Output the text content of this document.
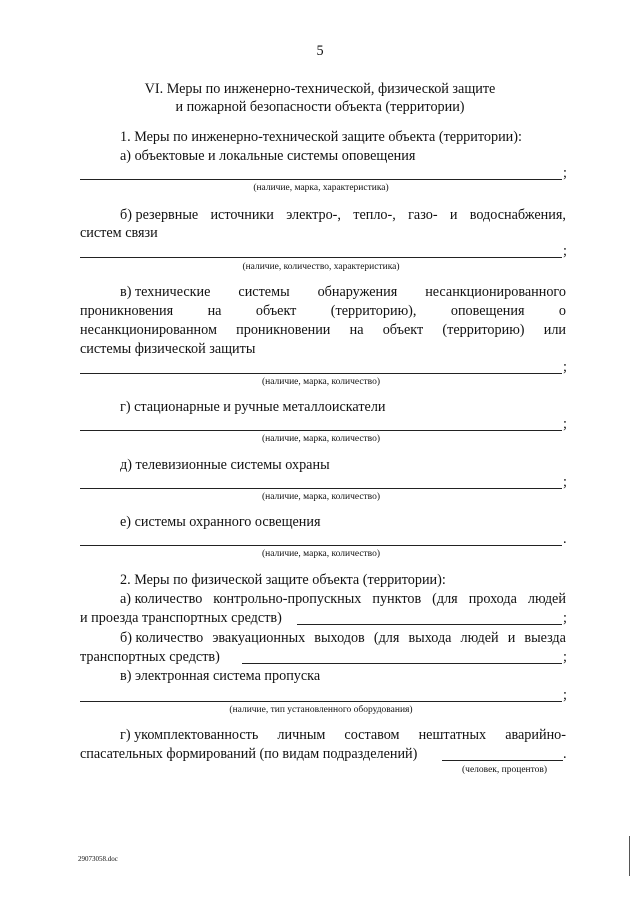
5
VI. Меры по инженерно-технической, физической защите
и пожарной безопасности объекта (территории)
1. Меры по инженерно-технической защите объекта (территории):
а) объектовые и локальные системы оповещения
;
(наличие, марка, характеристика)
б) резервные источники электро-, тепло-, газо- и водоснабжения,
систем связи
;
(наличие, количество, характеристика)
в) технические системы обнаружения несанкционированного
проникновения на объект (территорию), оповещения о
несанкционированном проникновении на объект (территорию) или
системы физической защиты
;
(наличие, марка, количество)
г) стационарные и ручные металлоискатели
;
(наличие, марка, количество)
д) телевизионные системы охраны
;
(наличие, марка, количество)
е) системы охранного освещения
.
(наличие, марка, количество)
2. Меры по физической защите объекта (территории):
а) количество контрольно-пропускных пунктов (для прохода людей
и проезда транспортных средств)	;
б) количество эвакуационных выходов (для выхода людей и выезда
транспортных средств)	;
в) электронная система пропуска
;
(наличие, тип установленного оборудования)
г) укомплектованность личным составом нештатных аварийно-
спасательных формирований (по видам подразделений)	.
(человек, процентов)
29073058.doc
